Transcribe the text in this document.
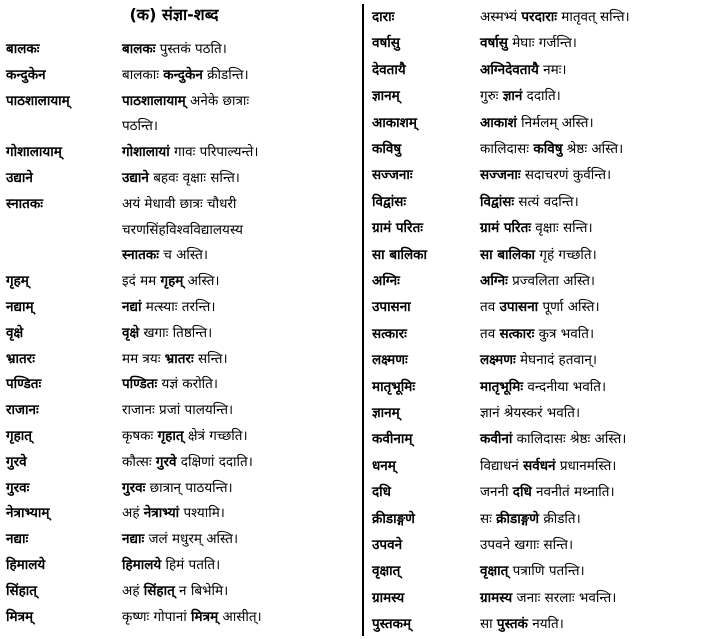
(क) संज्ञा-शब्द
बालकः	बालकः पुस्तकं पठति।
कन्दुकेन	बालकाः कन्दुकेन क्रीडन्ति।
पाठशालायाम्	पाठशालायाम् अनेके छात्राः
पठन्ति।
गोशालायाम्	गोशालायां गावः परिपाल्यन्ते।
उद्याने	उद्याने बहवः वृक्षाः सन्ति।
स्नातकः	अयं मेधावी छात्रः चौधरी
चरणसिंहविश्वविद्यालयस्य
स्नातकः च अस्ति।
गृहम्	इदं मम गृहम् अस्ति।
नद्याम्	नद्यां मत्स्याः तरन्ति।
वृक्षे	वृक्षे खगाः तिष्ठन्ति।
भ्रातरः	मम त्रयः भ्रातरः सन्ति।
पण्डितः	पण्डितः यज्ञं करोति।
राजानः	राजानः प्रजां पालयन्ति।
गृहात्	कृषकः गृहात् क्षेत्रं गच्छति।
गुरवे	कौत्सः गुरवे दक्षिणां ददाति।
गुरवः	गुरवः छात्रान् पाठयन्ति।
नेत्राभ्याम्	अहं नेत्राभ्यां पश्यामि।
नद्याः	नद्याः जलं मधुरम् अस्ति।
हिमालये	हिमालये हिमं पतति।
सिंहात्	अहं सिंहात् न बिभेमि।
मित्रम्	कृष्णः गोपानां मित्रम् आसीत्।
दाराः	अस्मभ्यं परदाराः मातृवत् सन्ति।
वर्षासु	वर्षासु मेघाः गर्जन्ति।
देवतायै	अग्निदेवतायै नमः।
ज्ञानम्	गुरुः ज्ञानं ददाति।
आकाशम्	आकाशं निर्मलम् अस्ति।
कविषु	कालिदासः कविषु श्रेष्ठः अस्ति।
सज्जनाः	सज्जनाः सदाचरणं कुर्वन्ति।
विद्वांसः	विद्वांसः सत्यं वदन्ति।
ग्रामं परितः	ग्रामं परितः वृक्षाः सन्ति।
सा बालिका	सा बालिका गृहं गच्छति।
अग्निः	अग्निः प्रज्वलिता अस्ति।
उपासना	तव उपासना पूर्णा अस्ति।
सत्कारः	तव सत्कारः कुत्र भवति।
लक्ष्मणः	लक्ष्मणः मेघनादं हतवान्।
मातृभूमिः	मातृभूमिः वन्दनीया भवति।
ज्ञानम्	ज्ञानं श्रेयस्करं भवति।
कवीनाम्	कवीनां कालिदासः श्रेष्ठः अस्ति।
धनम्	विद्याधनं सर्वधनं प्रधानमस्ति।
दधि	जननी दधि नवनीतं मथ्नाति।
क्रीडाङ्गणे	सः क्रीडाङ्गणे क्रीडति।
उपवने	उपवने खगाः सन्ति।
वृक्षात्	वृक्षात् पत्राणि पतन्ति।
ग्रामस्य	ग्रामस्य जनाः सरलाः भवन्ति।
पुस्तकम्	सा पुस्तकं नयति।
